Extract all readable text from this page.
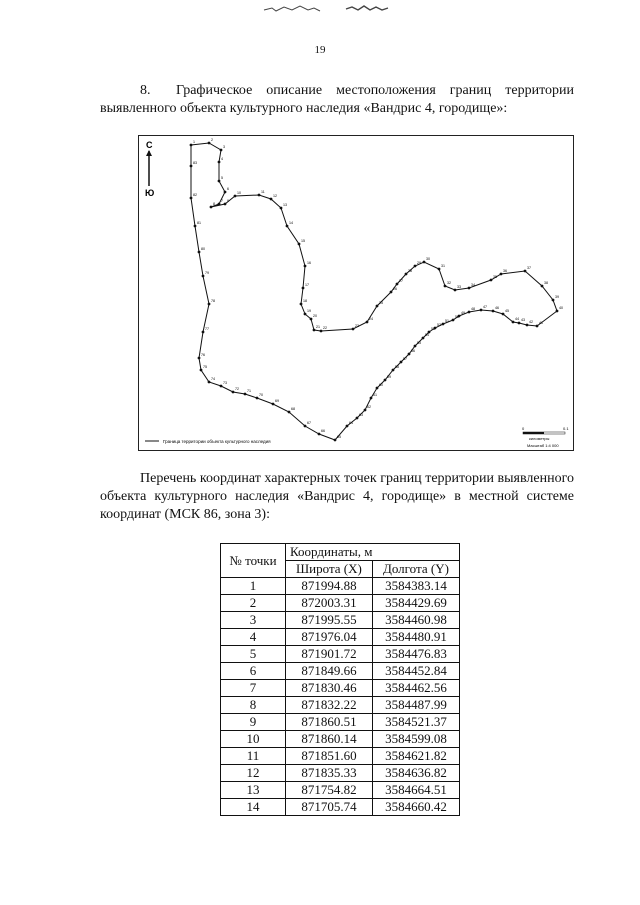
19
8. Графическое описание местоположения границ территории выявленного объекта культурного наследия «Вандрис 4, городище»:
С
Ю
1	2
3
4
5
6
7
8
9
10	11
12
13
14
15
16
17
18
19
20
21 22	23
24
25
26
27
28
29
30
31
32
33	34
35
36
37
38
39
40
41
42
43
44
45
46
47
48
49
50
51
52
53
54
55
56
57
58
59
60
61
62
63
64
65
66
67
68
69
70
71
72
73
74
75
76
77
78
79
80
81
82
83
Граница территории объекта культурного наследия
0	0.1
километры
Масштаб 1:4 000
Перечень координат характерных точек границ территории выявленного объекта культурного наследия «Вандрис 4, городище» в местной системе координат (МСК 86, зона 3):
№ точки	Координаты, м	
	Широта (X)	Долгота (Y)
1	871994.88	3584383.14
2	872003.31	3584429.69
3	871995.55	3584460.98
4	871976.04	3584480.91
5	871901.72	3584476.83
6	871849.66	3584452.84
7	871830.46	3584462.56
8	871832.22	3584487.99
9	871860.51	3584521.37
10	871860.14	3584599.08
11	871851.60	3584621.82
12	871835.33	3584636.82
13	871754.82	3584664.51
14	871705.74	3584660.42
